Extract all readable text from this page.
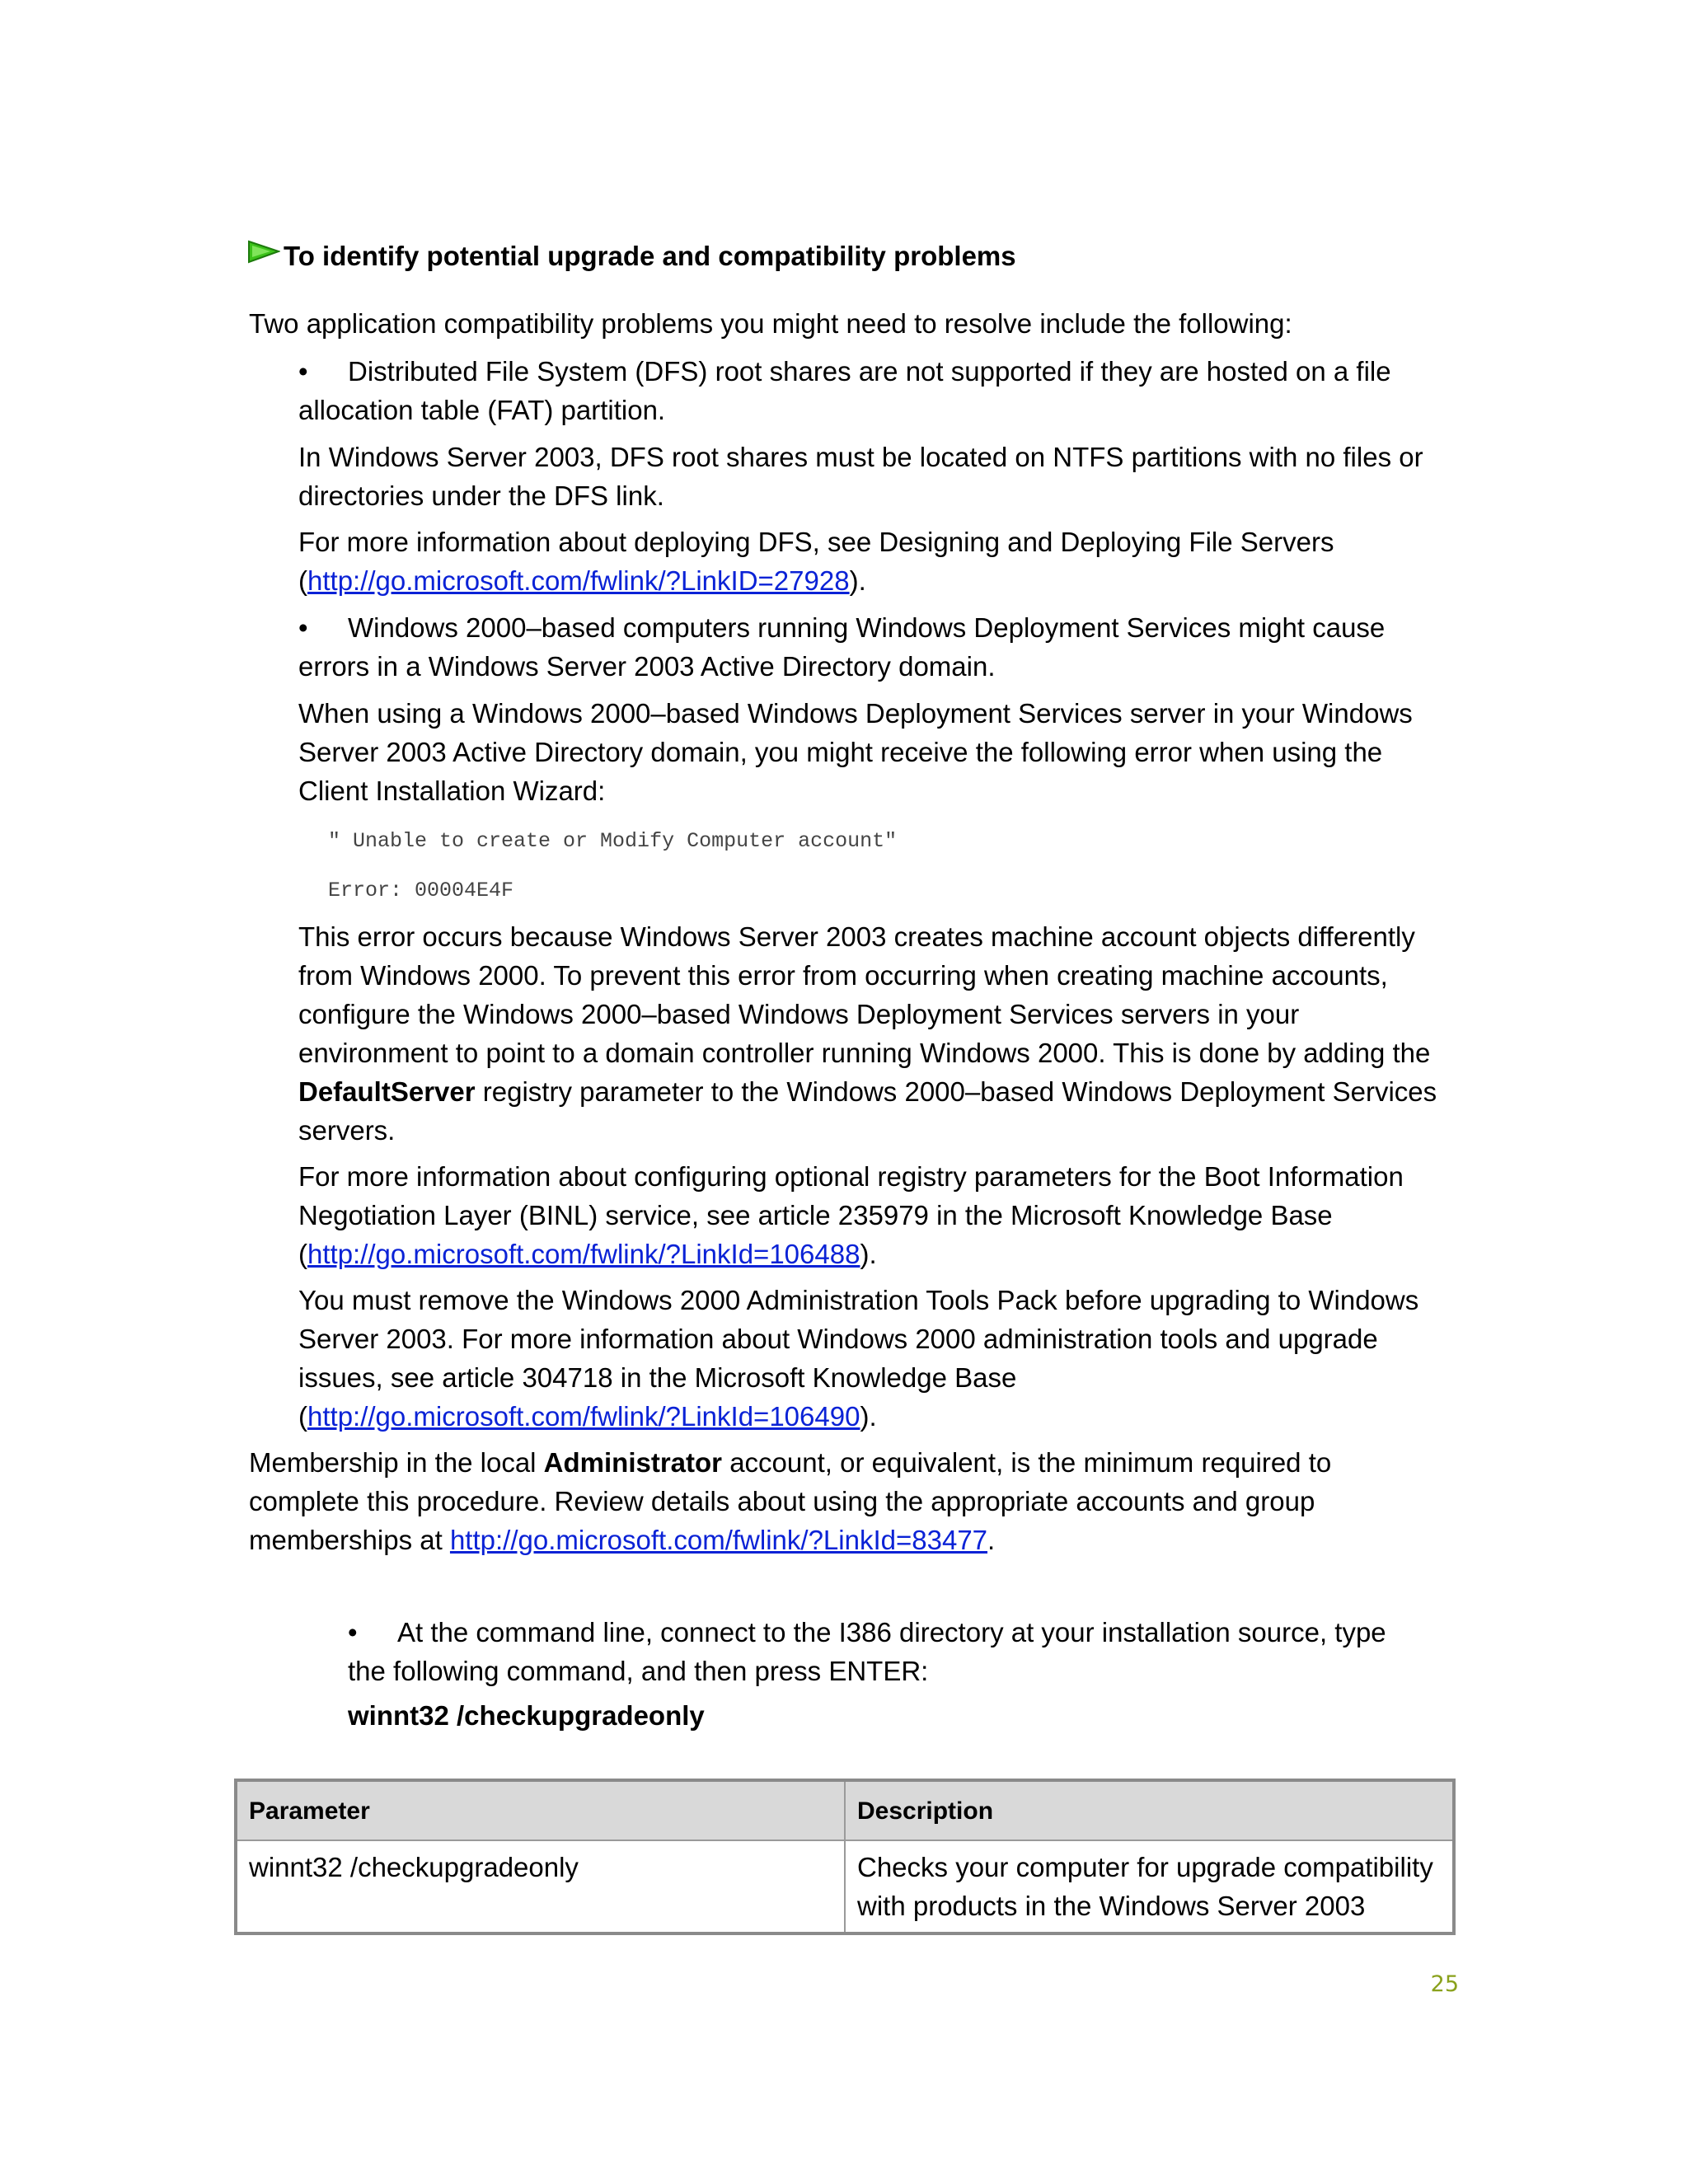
To identify potential upgrade and compatibility problems
Two application compatibility problems you might need to resolve include the following:
• Distributed File System (DFS) root shares are not supported if they are hosted on a file
allocation table (FAT) partition.
In Windows Server 2003, DFS root shares must be located on NTFS partitions with no files or directories under the DFS link.
For more information about deploying DFS, see Designing and Deploying File Servers
(http://go.microsoft.com/fwlink/?LinkID=27928).
• Windows 2000–based computers running Windows Deployment Services might cause
errors in a Windows Server 2003 Active Directory domain.
When using a Windows 2000–based Windows Deployment Services server in your Windows Server 2003 Active Directory domain, you might receive the following error when using the Client Installation Wizard:
" Unable to create or Modify Computer account"
Error: 00004E4F
This error occurs because Windows Server 2003 creates machine account objects differently from Windows 2000. To prevent this error from occurring when creating machine accounts, configure the Windows 2000–based Windows Deployment Services servers in your environment to point to a domain controller running Windows 2000. This is done by adding the DefaultServer registry parameter to the Windows 2000–based Windows Deployment Services servers.
For more information about configuring optional registry parameters for the Boot Information Negotiation Layer (BINL) service, see article 235979 in the Microsoft Knowledge Base
(http://go.microsoft.com/fwlink/?LinkId=106488).
You must remove the Windows 2000 Administration Tools Pack before upgrading to Windows Server 2003. For more information about Windows 2000 administration tools and upgrade issues, see article 304718 in the Microsoft Knowledge Base
(http://go.microsoft.com/fwlink/?LinkId=106490).
Membership in the local Administrator account, or equivalent, is the minimum required to complete this procedure. Review details about using the appropriate accounts and group memberships at http://go.microsoft.com/fwlink/?LinkId=83477.
• At the command line, connect to the I386 directory at your installation source, type
the following command, and then press ENTER:
winnt32 /checkupgradeonly
Parameter	Description
winnt32 /checkupgradeonly	Checks your computer for upgrade compatibility with products in the Windows Server 2003
25
